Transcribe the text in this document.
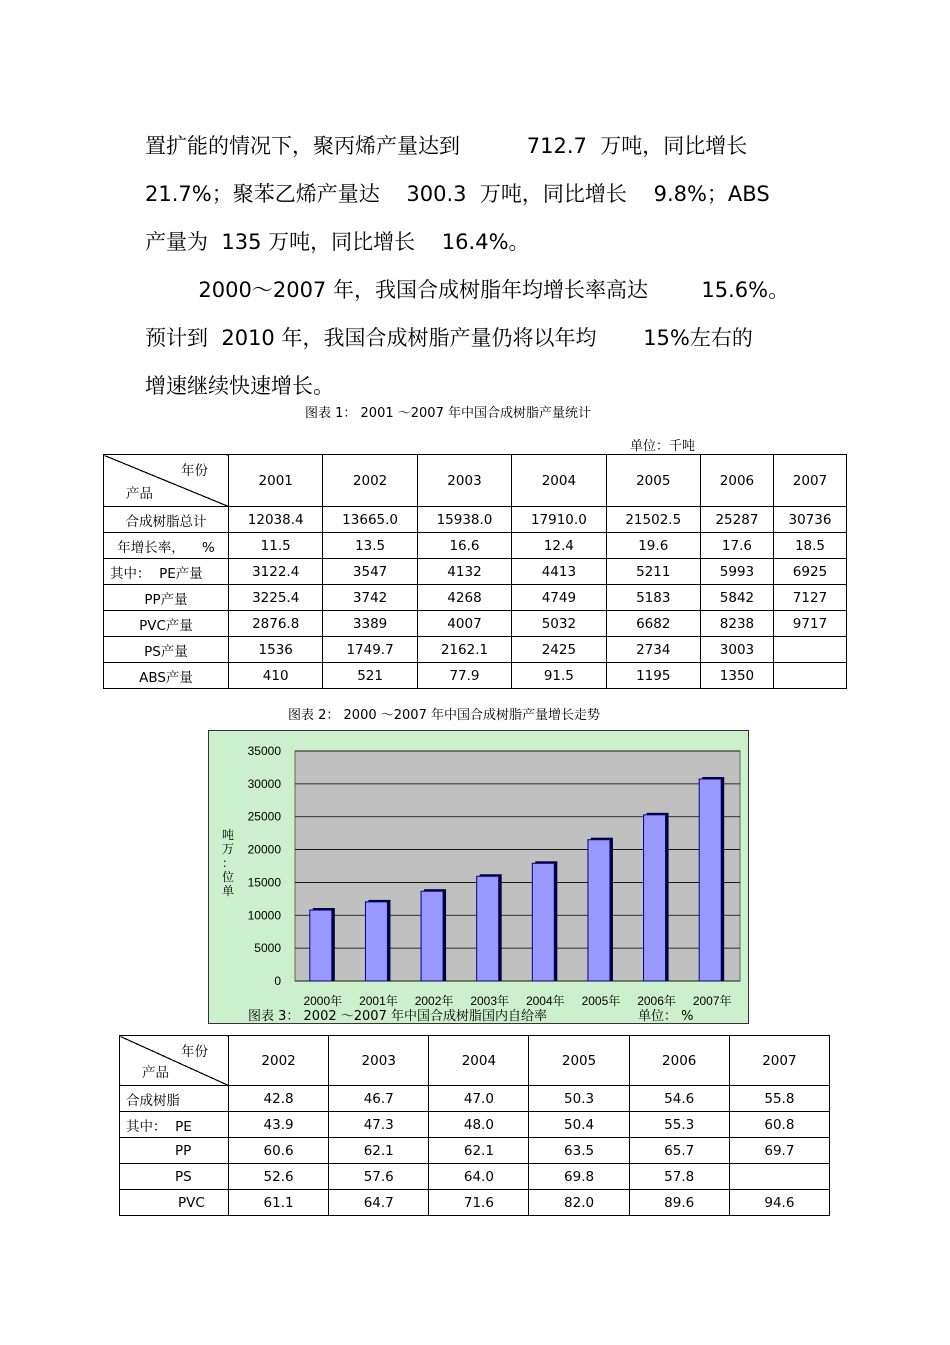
置扩能的情况下，聚丙烯产量达到          712.7  万吨，同比增长
21.7%；聚苯乙烯产量达    300.3  万吨，同比增长    9.8%；ABS
产量为  135 万吨，同比增长    16.4%。
2000～2007 年，我国合成树脂年均增长率高达        15.6%。
预计到  2010 年，我国合成树脂产量仍将以年均       15%左右的
增速继续快速增长。

图表 1： 2001 ～2007 年中国合成树脂产量统计
单位：千吨
年份
产品	2001	2002	2003	2004	2005	2006	2007
合成树脂总计	12038.4	13665.0	15938.0	17910.0	21502.5	25287	30736
年增长率，    %	11.5	13.5	16.6	12.4	19.6	17.6	18.5
其中：  PE产量	3122.4	3547	4132	4413	5211	5993	6925
PP产量	3225.4	3742	4268	4749	5183	5842	7127
PVC产量	2876.8	3389	4007	5032	6682	8238	9717
PS产量	1536	1749.7	2162.1	2425	2734	3003	
ABS产量	410	521	77.9	91.5	1195	1350	
图表 2： 2000 ～2007 年中国合成树脂产量增长走势
0
5000
10000
15000
20000
25000
30000
35000
2000年 2001年 2002年 2003年 2004年 2005年 2006年 2007年
吨
万
：
位
单
图表 3： 2002 ～2007 年中国合成树脂国内自给率	单位： %
年份
产品	2002	2003	2004	2005	2006	2007
合成树脂	42.8	46.7	47.0	50.3	54.6	55.8
其中：  PE	43.9	47.3	48.0	50.4	55.3	60.8
PP	60.6	62.1	62.1	63.5	65.7	69.7
PS	52.6	57.6	64.0	69.8	57.8	
PVC	61.1	64.7	71.6	82.0	89.6	94.6
